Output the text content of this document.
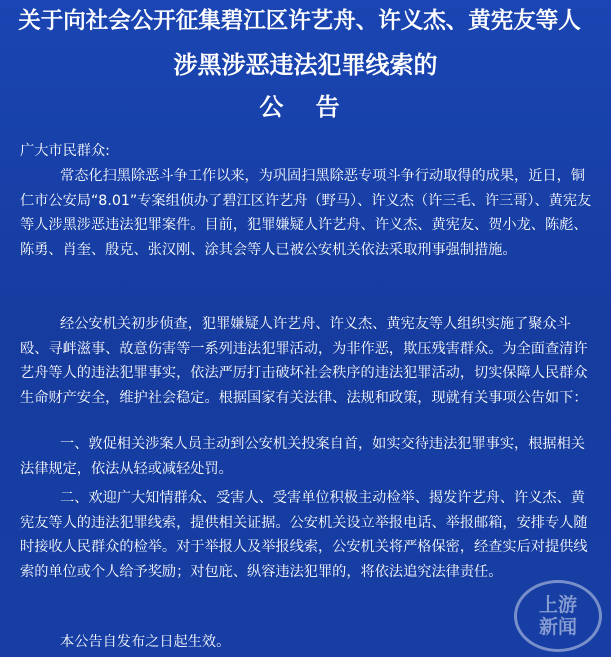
关于向社会公开征集碧江区许艺舟、许义杰、黄宪友等人
涉黑涉恶违法犯罪线索的
公 告
广大市民群众:
常态化扫黑除恶斗争工作以来，为巩固扫黑除恶专项斗争行动取得的成果，近日，铜仁市公安局“8.01”专案组侦办了碧江区许艺舟（野马）、许义杰（许三毛、许三哥）、黄宪友等人涉黑涉恶违法犯罪案件。目前，犯罪嫌疑人许艺舟、许义杰、黄宪友、贺小龙、陈彪、陈勇、肖奎、殷克、张汉刚、涂其会等人已被公安机关依法采取刑事强制措施。
经公安机关初步侦查，犯罪嫌疑人许艺舟、许义杰、黄宪友等人组织实施了聚众斗殴、寻衅滋事、故意伤害等一系列违法犯罪活动，为非作恶，欺压残害群众。为全面查清许艺舟等人的违法犯罪事实，依法严厉打击破坏社会秩序的违法犯罪活动，切实保障人民群众生命财产安全，维护社会稳定。根据国家有关法律、法规和政策，现就有关事项公告如下：
一、敦促相关涉案人员主动到公安机关投案自首，如实交待违法犯罪事实，根据相关法律规定，依法从轻或减轻处罚。
二、欢迎广大知情群众、受害人、受害单位积极主动检举、揭发许艺舟、许义杰、黄宪友等人的违法犯罪线索，提供相关证据。公安机关设立举报电话、举报邮箱，安排专人随时接收人民群众的检举。对于举报人及举报线索，公安机关将严格保密，经查实后对提供线索的单位或个人给予奖励；对包庇、纵容违法犯罪的，将依法追究法律责任。
本公告自发布之日起生效。
上游
新闻
